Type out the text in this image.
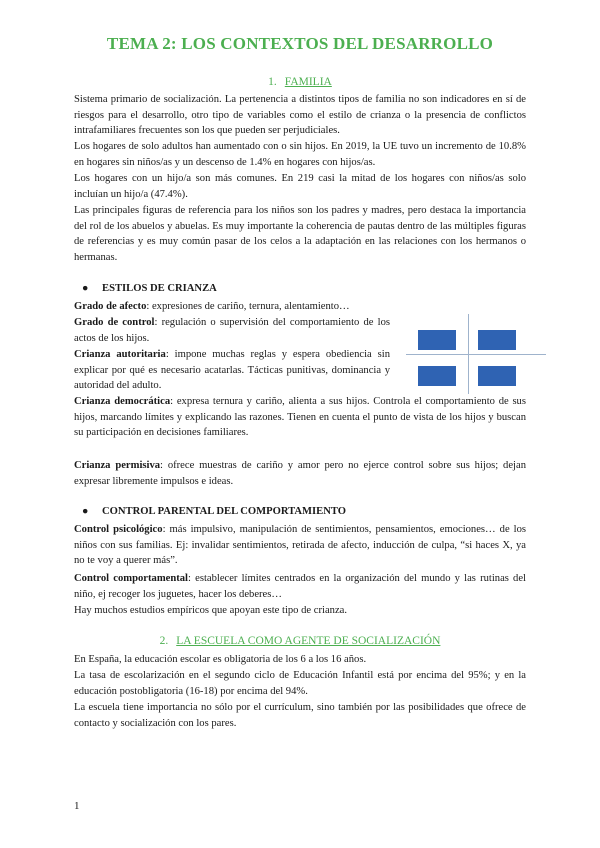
TEMA 2: LOS CONTEXTOS DEL DESARROLLO

1. FAMILIA

Sistema primario de socialización. La pertenencia a distintos tipos de familia no son indicadores en sí de riesgos para el desarrollo, otro tipo de variables como el estilo de crianza o la presencia de conflictos intrafamiliares frecuentes son los que pueden ser perjudiciales.

Los hogares de solo adultos han aumentado con o sin hijos. En 2019, la UE tuvo un incremento de 10.8% en hogares sin niños/as y un descenso de 1.4% en hogares con hijos/as.

Los hogares con un hijo/a son más comunes. En 219 casi la mitad de los hogares con niños/as solo incluían un hijo/a (47.4%).

Las principales figuras de referencia para los niños son los padres y madres, pero destaca la importancia del rol de los abuelos y abuelas. Es muy importante la coherencia de pautas dentro de las múltiples figuras de referencias y es muy común pasar de los celos a la adaptación en las relaciones con los hermanos o hermanas.

● ESTILOS DE CRIANZA

Grado de afecto: expresiones de cariño, ternura, alentamiento…

Grado de control: regulación o supervisión del comportamiento de los actos de los hijos.

Crianza autoritaria: impone muchas reglas y espera obediencia sin explicar por qué es necesario acatarlas. Tácticas punitivas, dominancia y autoridad del adulto.

Crianza democrática: expresa ternura y cariño, alienta a sus hijos. Controla el comportamiento de sus hijos, marcando límites y explicando las razones. Tienen en cuenta el punto de vista de los hijos y buscan su participación en decisiones familiares.

Crianza permisiva: ofrece muestras de cariño y amor pero no ejerce control sobre sus hijos; dejan expresar libremente impulsos e ideas.

● CONTROL PARENTAL DEL COMPORTAMIENTO

Control psicológico: más impulsivo, manipulación de sentimientos, pensamientos, emociones… de los niños con sus familias. Ej: invalidar sentimientos, retirada de afecto, inducción de culpa, “si haces X, ya no te voy a querer más”.

Control comportamental: establecer límites centrados en la organización del mundo y las rutinas del niño, ej recoger los juguetes, hacer los deberes…

Hay muchos estudios empíricos que apoyan este tipo de crianza.

2. LA ESCUELA COMO AGENTE DE SOCIALIZACIÓN

En España, la educación escolar es obligatoria de los 6 a los 16 años.

La tasa de escolarización en el segundo ciclo de Educación Infantil está por encima del 95%; y en la educación postobligatoria (16-18) por encima del 94%.

La escuela tiene importancia no sólo por el currículum, sino también por las posibilidades que ofrece de contacto y socialización con los pares.

1
